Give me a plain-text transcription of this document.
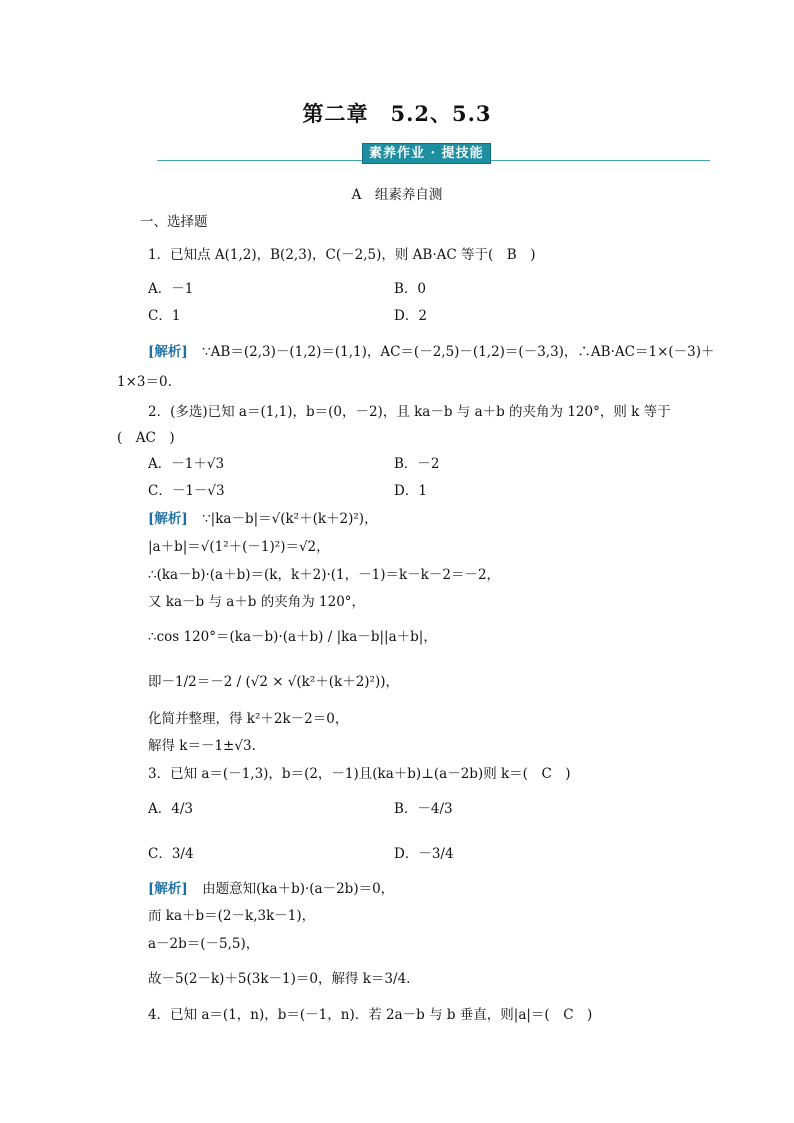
第二章　5.2、5.3
素养作业 · 提技能
A　组素养自测
一、选择题
1．已知点 A(1,2)，B(2,3)，C(－2,5)，则 AB·AC 等于(　B　)
A．－1	B．0
C．1	D．2
[解析] ∵AB＝(2,3)－(1,2)＝(1,1)，AC＝(－2,5)－(1,2)＝(－3,3)，∴AB·AC＝1×(－3)＋
1×3＝0.
2．(多选)已知 a＝(1,1)，b＝(0，－2)，且 ka－b 与 a＋b 的夹角为 120°，则 k 等于
(　AC　)
A．－1＋√3	B．－2
C．－1－√3	D．1
[解析] ∵|ka－b|＝√(k²＋(k＋2)²)，
|a＋b|＝√(1²＋(－1)²)＝√2，
∴(ka－b)·(a＋b)＝(k，k＋2)·(1，－1)＝k－k－2＝－2，
又 ka－b 与 a＋b 的夹角为 120°，
∴cos 120°＝(ka－b)·(a＋b) / |ka－b||a＋b|，
即－1/2＝－2 / (√2 × √(k²＋(k＋2)²))，
化简并整理，得 k²＋2k－2＝0，
解得 k＝－1±√3.
3．已知 a＝(－1,3)，b＝(2，－1)且(ka＋b)⊥(a－2b)则 k＝(　C　)
A．4/3	B．－4/3
C．3/4	D．－3/4
[解析] 由题意知(ka＋b)·(a－2b)＝0，
而 ka＋b＝(2－k,3k－1)，
a－2b＝(－5,5)，
故－5(2－k)＋5(3k－1)＝0，解得 k＝3/4.
4．已知 a＝(1，n)，b＝(－1，n)．若 2a－b 与 b 垂直，则|a|＝(　C　)
